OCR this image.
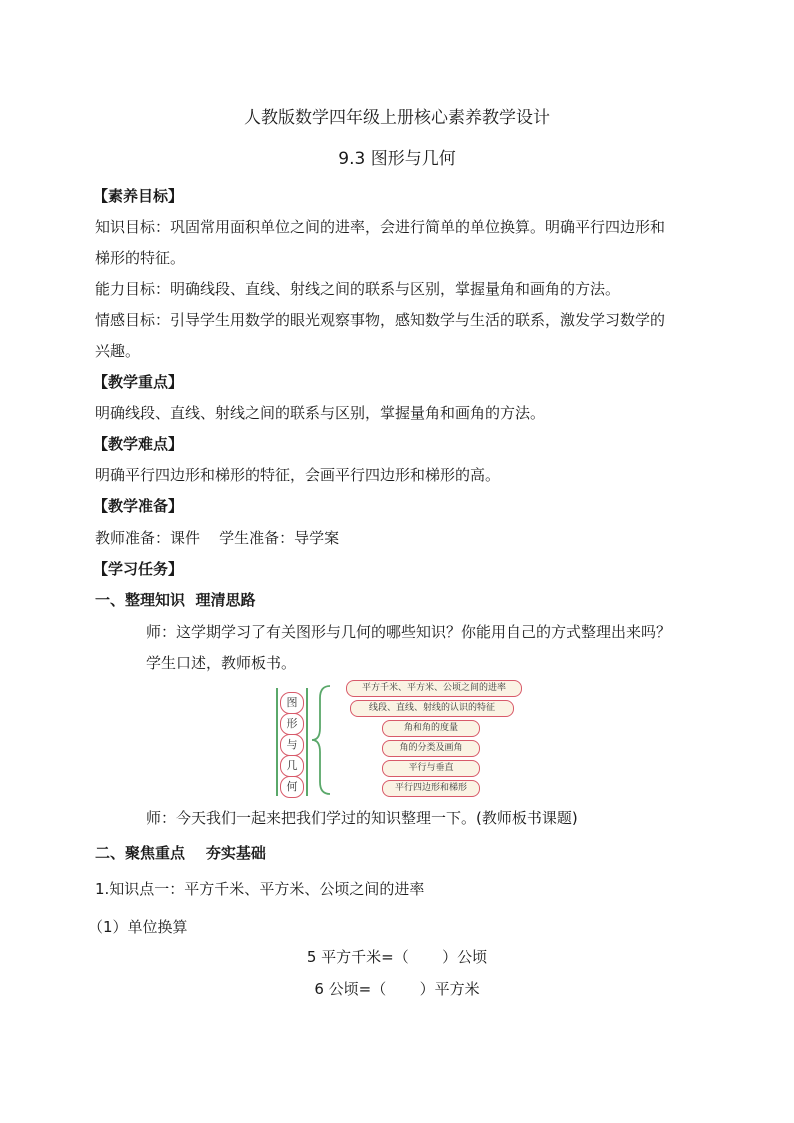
人教版数学四年级上册核心素养教学设计
9.3 图形与几何
【素养目标】
知识目标：巩固常用面积单位之间的进率，会进行简单的单位换算。明确平行四边形和
梯形的特征。
能力目标：明确线段、直线、射线之间的联系与区别，掌握量角和画角的方法。
情感目标：引导学生用数学的眼光观察事物，感知数学与生活的联系，激发学习数学的
兴趣。
【教学重点】
明确线段、直线、射线之间的联系与区别，掌握量角和画角的方法。
【教学难点】
明确平行四边形和梯形的特征，会画平行四边形和梯形的高。
【教学准备】
教师准备：课件    学生准备：导学案
【学习任务】
一、整理知识  理清思路
师：这学期学习了有关图形与几何的哪些知识？你能用自己的方式整理出来吗？
学生口述，教师板书。
图
形
与
几
何
平方千米、平方米、公顷之间的进率
线段、直线、射线的认识的特征
角和角的度量
角的分类及画角
平行与垂直
平行四边形和梯形
师：今天我们一起来把我们学过的知识整理一下。(教师板书课题)
二、聚焦重点    夯实基础
1.知识点一：平方千米、平方米、公顷之间的进率
（1）单位换算
5 平方千米=（       ）公顷
6 公顷=（       ）平方米
